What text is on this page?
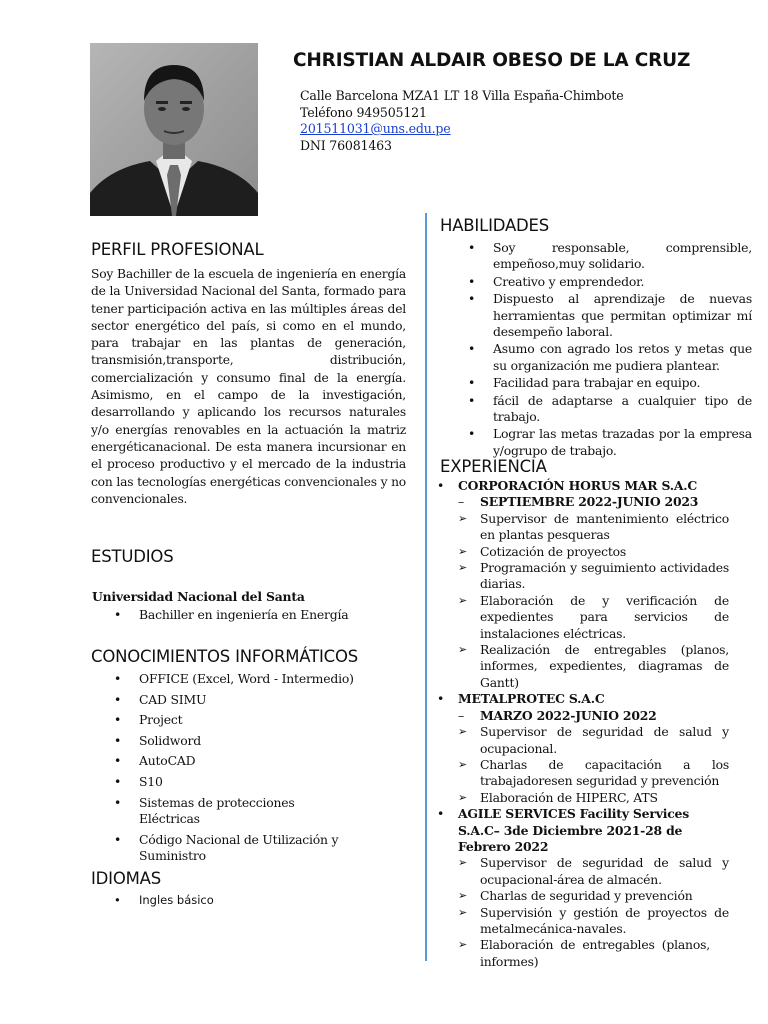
CHRISTIAN ALDAIR OBESO DE LA CRUZ
Calle Barcelona MZA1 LT 18 Villa España-Chimbote
Teléfono 949505121
201511031@uns.edu.pe
DNI 76081463
PERFIL PROFESIONAL
Soy Bachiller de la escuela de ingeniería en energía de la Universidad Nacional del Santa, formado para tener participación activa en las múltiples áreas del sector energético del país, si como en el mundo, para trabajar en las plantas de generación, transmisión,transporte, distribución, comercialización y consumo final de la energía. Asimismo, en el campo de la investigación, desarrollando y aplicando los recursos naturales y/o energías renovables en la actuación la matriz energéticanacional. De esta manera incursionar en el proceso productivo y el mercado de la industria con las tecnologías energéticas convencionales y no convencionales.
ESTUDIOS
Universidad Nacional del Santa
• Bachiller en ingeniería en Energía
CONOCIMIENTOS INFORMÁTICOS
• OFFICE (Excel, Word - Intermedio)
• CAD SIMU
• Project
• Solidword
• AutoCAD
• S10
• Sistemas de protecciones Eléctricas
• Código Nacional de Utilización y Suministro
IDIOMAS
• Ingles básico
HABILIDADES
• Soy responsable, comprensible, empeñoso,muy solidario.
• Creativo y emprendedor.
• Dispuesto al aprendizaje de nuevas herramientas que permitan optimizar mí desempeño laboral.
• Asumo con agrado los retos y metas que su organización me pudiera plantear.
• Facilidad para trabajar en equipo.
• fácil de adaptarse a cualquier tipo de trabajo.
• Lograr las metas trazadas por la empresa y/ogrupo de trabajo.
EXPERIENCIA
• CORPORACIÓN HORUS MAR S.A.C
– SEPTIEMBRE 2022-JUNIO 2023
➢ Supervisor de mantenimiento eléctrico en plantas pesqueras
➢ Cotización de proyectos
➢ Programación y seguimiento actividades diarias.
➢ Elaboración de y verificación de expedientes para servicios de instalaciones eléctricas.
➢ Realización de entregables (planos, informes, expedientes, diagramas de Gantt)
• METALPROTEC S.A.C
– MARZO 2022-JUNIO 2022
➢ Supervisor de seguridad de salud y ocupacional.
➢ Charlas de capacitación a los trabajadoresen seguridad y prevención
➢ Elaboración de HIPERC, ATS
• AGILE SERVICES Facility Services S.A.C– 3de Diciembre 2021-28 de Febrero 2022
➢ Supervisor de seguridad de salud y ocupacional-área de almacén.
➢ Charlas de seguridad y prevención
➢ Supervisión y gestión de proyectos de metalmecánica-navales.
➢ Elaboración de entregables (planos, informes)
